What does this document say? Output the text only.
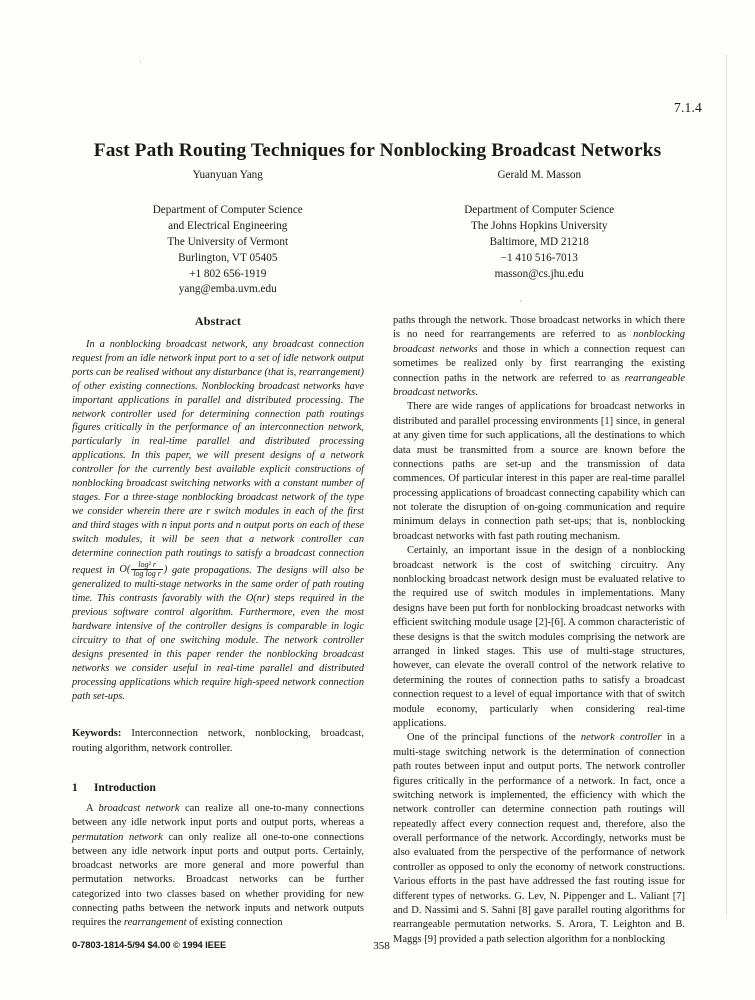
7.1.4
Fast Path Routing Techniques for Nonblocking Broadcast Networks
Yuanyuan Yang
Department of Computer Science
and Electrical Engineering
The University of Vermont
Burlington, VT 05405
+1 802 656-1919
yang@emba.uvm.edu
Gerald M. Masson
Department of Computer Science
The Johns Hopkins University
Baltimore, MD 21218
−1 410 516-7013
masson@cs.jhu.edu
Abstract

In a nonblocking broadcast network, any broadcast connection request from an idle network input port to a set of idle network output ports can be realised without any disturbance (that is, rearrangement) of other existing connections. Nonblocking broadcast networks have important applications in parallel and distributed processing. The network controller used for determining connection path routings figures critically in the performance of an interconnection network, particularly in real-time parallel and distributed processing applications. In this paper, we will present designs of a network controller for the currently best available explicit constructions of nonblocking broadcast switching networks with a constant number of stages. For a three-stage nonblocking broadcast network of the type we consider wherein there are r switch modules in each of the first and third stages with n input ports and n output ports on each of these switch modules, it will be seen that a network controller can determine connection path routings to satisfy a broadcast connection request in $O( \frac{\text{log² r}}{\text{log log r}}$ ) gate propagations. The designs will also be generalized to multi-stage networks in the same order of path routing time. This contrasts favorably with the O(nr) steps required in the previous software control algorithm. Furthermore, even the most hardware intensive of the controller designs is comparable in logic circuitry to that of one switching module. The network controller designs presented in this paper render the nonblocking broadcast networks we consider useful in real-time parallel and distributed processing applications which require high-speed network connection path set-ups.

Keywords: Interconnection network, nonblocking, broadcast, routing algorithm, network controller.

1 Introduction

A broadcast network can realize all one-to-many connections between any idle network input ports and output ports, whereas a permutation network can only realize all one-to-one connections between any idle network input ports and output ports. Certainly, broadcast networks are more general and more powerful than permutation networks. Broadcast networks can be further categorized into two classes based on whether providing for new connecting paths between the network inputs and network outputs requires the rearrangement of existing connection

paths through the network. Those broadcast networks in which there is no need for rearrangements are referred to as nonblocking broadcast networks and those in which a connection request can sometimes be realized only by first rearranging the existing connection paths in the network are referred to as rearrangeable broadcast networks.

There are wide ranges of applications for broadcast networks in distributed and parallel processing environments [1] since, in general at any given time for such applications, all the destinations to which data must be transmitted from a source are known before the connections paths are set-up and the transmission of data commences. Of particular interest in this paper are real-time parallel processing applications of broadcast connecting capability which can not tolerate the disruption of on-going communication and require minimum delays in connection path set-ups; that is, nonblocking broadcast networks with fast path routing mechanism.

Certainly, an important issue in the design of a nonblocking broadcast network is the cost of switching circuitry. Any nonblocking broadcast network design must be evaluated relative to the required use of switch modules in implementations. Many designs have been put forth for nonblocking broadcast networks with efficient switching module usage [2]-[6]. A common characteristic of these designs is that the switch modules comprising the network are arranged in linked stages. This use of multi-stage structures, however, can elevate the overall control of the network relative to determining the routes of connection paths to satisfy a broadcast connection request to a level of equal importance with that of switch module economy, particularly when considering real-time applications.

One of the principal functions of the network controller in a multi-stage switching network is the determination of connection path routes between input and output ports. The network controller figures critically in the performance of a network. In fact, once a switching network is implemented, the efficiency with which the network controller can determine connection path routings will repeatedly affect every connection request and, therefore, also the overall performance of the network. Accordingly, networks must be also evaluated from the perspective of the performance of network controller as opposed to only the economy of network constructions. Various efforts in the past have addressed the fast routing issue for different types of networks. G. Lev, N. Pippenger and L. Valiant [7] and D. Nassimi and S. Sahni [8] gave parallel routing algorithms for rearrangeable permutation networks. S. Arora, T. Leighton and B. Maggs [9] provided a path selection algorithm for a nonblocking

0-7803-1814-5/94 $4.00 © 1994 IEEE	358
